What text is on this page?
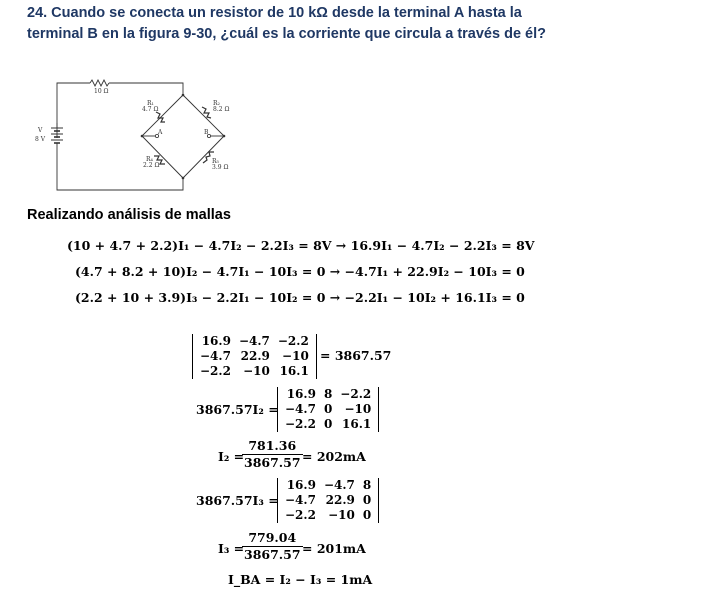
24. Cuando se conecta un resistor de 10 kΩ desde la terminal A hasta la terminal B en la figura 9-30, ¿cuál es la corriente que circula a través de él?

10 Ω
R₁
4.7 Ω
R₂
8.2 Ω
A	B
R₄
2.2 Ω
R₅
3.9 Ω
V
8 V

Realizando análisis de mallas

(10 + 4.7 + 2.2)I₁ − 4.7I₂ − 2.2I₃ = 8V → 16.9I₁ − 4.7I₂ − 2.2I₃ = 8V
(4.7 + 8.2 + 10)I₂ − 4.7I₁ − 10I₃ = 0 → −4.7I₁ + 22.9I₂ − 10I₃ = 0
(2.2 + 10 + 3.9)I₃ − 2.2I₁ − 10I₂ = 0 → −2.2I₁ − 10I₂ + 16.1I₃ = 0
16.9	−4.7	−2.2
−4.7	22.9	−10
−2.2	−10	16.1
= 3867.57
3867.57I₂ =
16.9	8	−2.2
−4.7	0	−10
−2.2	0	16.1
I₂ =
$\frac{781.36}{3867.57} = 202mA$
3867.57I₃ =
16.9	−4.7	8
−4.7	22.9	0
−2.2	−10	0
I₃ =
$\frac{779.04}{3867.57} = 201mA$
I_BA = I₂ − I₃ = 1mA
